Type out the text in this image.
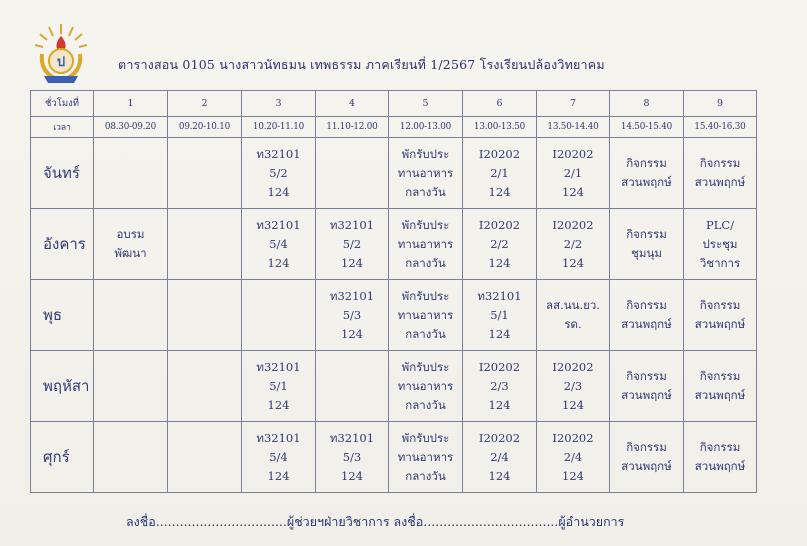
ป	ตารางสอน 0105 นางสาวนัทธมน เทพธรรม ภาคเรียนที่ 1/2567 โรงเรียนปล้องวิทยาคม
ชั่วโมงที่	1	2	3	4	5	6	7	8	9
เวลา	08.30-09.20	09.20-10.10	10.20-11.10	11.10-12.00	12.00-13.00	13.00-13.50	13.50-14.40	14.50-15.40	15.40-16.30
จันทร์			ท32101
5/2
124		พักรับประ
ทานอาหาร
กลางวัน	I20202
2/1
124	I20202
2/1
124	กิจกรรม
สวนพฤกษ์	กิจกรรม
สวนพฤกษ์
อังคาร	อบรม
พัฒนา		ท32101
5/4
124	ท32101
5/2
124	พักรับประ
ทานอาหาร
กลางวัน	I20202
2/2
124	I20202
2/2
124	กิจกรรม
ชุมนุม	PLC/
ประชุม
วิชาการ
พุธ				ท32101
5/3
124	พักรับประ
ทานอาหาร
กลางวัน	ท32101
5/1
124	ลส.นน.ยว.
รด.	กิจกรรม
สวนพฤกษ์	กิจกรรม
สวนพฤกษ์
พฤหัสา			ท32101
5/1
124		พักรับประ
ทานอาหาร
กลางวัน	I20202
2/3
124	I20202
2/3
124	กิจกรรม
สวนพฤกษ์	กิจกรรม
สวนพฤกษ์
ศุกร์			ท32101
5/4
124	ท32101
5/3
124	พักรับประ
ทานอาหาร
กลางวัน	I20202
2/4
124	I20202
2/4
124	กิจกรรม
สวนพฤกษ์	กิจกรรม
สวนพฤกษ์
ลงชื่อ.................................ผู้ช่วยฯฝ่ายวิชาการ ลงชื่อ..................................ผู้อำนวยการ
